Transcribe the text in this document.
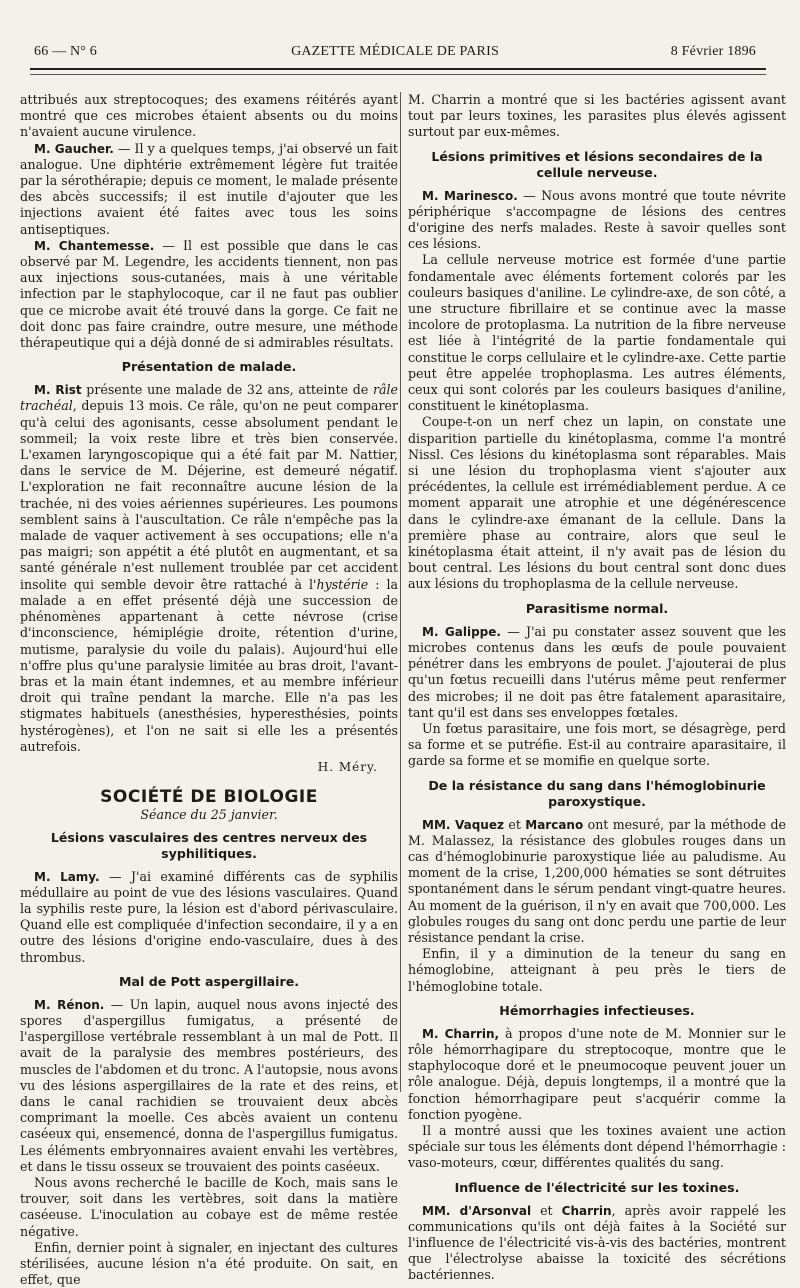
66 — N° 6	GAZETTE MÉDICALE DE PARIS	8 Février 1896

attribués aux streptocoques; des examens réitérés ayant montré que ces microbes étaient absents ou du moins n'avaient aucune virulence.

M. Gaucher. — Il y a quelques temps, j'ai observé un fait analogue. Une diphtérie extrêmement légère fut traitée par la sérothérapie; depuis ce moment, le malade présente des abcès successifs; il est inutile d'ajouter que les injections avaient été faites avec tous les soins antiseptiques.

M. Chantemesse. — Il est possible que dans le cas observé par M. Legendre, les accidents tiennent, non pas aux injections sous-cutanées, mais à une véritable infection par le staphylocoque, car il ne faut pas oublier que ce microbe avait été trouvé dans la gorge. Ce fait ne doit donc pas faire craindre, outre mesure, une méthode thérapeutique qui a déjà donné de si admirables résultats.

Présentation de malade.

M. Rist présente une malade de 32 ans, atteinte de râle trachéal, depuis 13 mois. Ce râle, qu'on ne peut comparer qu'à celui des agonisants, cesse absolument pendant le sommeil; la voix reste libre et très bien conservée. L'examen laryngoscopique qui a été fait par M. Nattier, dans le service de M. Déjerine, est demeuré négatif. L'exploration ne fait reconnaître aucune lésion de la trachée, ni des voies aériennes supérieures. Les poumons semblent sains à l'auscultation. Ce râle n'empêche pas la malade de vaquer activement à ses occupations; elle n'a pas maigri; son appétit a été plutôt en augmentant, et sa santé générale n'est nullement troublée par cet accident insolite qui semble devoir être rattaché à l'hystérie : la malade a en effet présenté déjà une succession de phénomènes appartenant à cette névrose (crise d'inconscience, hémiplégie droite, rétention d'urine, mutisme, paralysie du voile du palais). Aujourd'hui elle n'offre plus qu'une paralysie limitée au bras droit, l'avant-bras et la main étant indemnes, et au membre inférieur droit qui traîne pendant la marche. Elle n'a pas les stigmates habituels (anesthésies, hyperesthésies, points hystérogènes), et l'on ne sait si elle les a présentés autrefois.

H. Méry.
SOCIÉTÉ DE BIOLOGIE
Séance du 25 janvier.
Lésions vasculaires des centres nerveux des syphilitiques.

M. Lamy. — J'ai examiné différents cas de syphilis médullaire au point de vue des lésions vasculaires. Quand la syphilis reste pure, la lésion est d'abord périvasculaire. Quand elle est compliquée d'infection secondaire, il y a en outre des lésions d'origine endo-vasculaire, dues à des thrombus.

Mal de Pott aspergillaire.

M. Rénon. — Un lapin, auquel nous avons injecté des spores d'aspergillus fumigatus, a présenté de l'aspergillose vertébrale ressemblant à un mal de Pott. Il avait de la paralysie des membres postérieurs, des muscles de l'abdomen et du tronc. A l'autopsie, nous avons vu des lésions aspergillaires de la rate et des reins, et dans le canal rachidien se trouvaient deux abcès comprimant la moelle. Ces abcès avaient un contenu caséeux qui, ensemencé, donna de l'aspergillus fumigatus. Les éléments embryonnaires avaient envahi les vertèbres, et dans le tissu osseux se trouvaient des points caséeux.

Nous avons recherché le bacille de Koch, mais sans le trouver, soit dans les vertèbres, soit dans la matière caséeuse. L'inoculation au cobaye est de même restée négative.

Enfin, dernier point à signaler, en injectant des cultures stérilisées, aucune lésion n'a été produite. On sait, en effet, que

M. Charrin a montré que si les bactéries agissent avant tout par leurs toxines, les parasites plus élevés agissent surtout par eux-mêmes.

Lésions primitives et lésions secondaires de la cellule nerveuse.

M. Marinesco. — Nous avons montré que toute névrite périphérique s'accompagne de lésions des centres d'origine des nerfs malades. Reste à savoir quelles sont ces lésions.

La cellule nerveuse motrice est formée d'une partie fondamentale avec éléments fortement colorés par les couleurs basiques d'aniline. Le cylindre-axe, de son côté, a une structure fibrillaire et se continue avec la masse incolore de protoplasma. La nutrition de la fibre nerveuse est liée à l'intégrité de la partie fondamentale qui constitue le corps cellulaire et le cylindre-axe. Cette partie peut être appelée trophoplasma. Les autres éléments, ceux qui sont colorés par les couleurs basiques d'aniline, constituent le kinétoplasma.

Coupe-t-on un nerf chez un lapin, on constate une disparition partielle du kinétoplasma, comme l'a montré Nissl. Ces lésions du kinétoplasma sont réparables. Mais si une lésion du trophoplasma vient s'ajouter aux précédentes, la cellule est irrémédiablement perdue. A ce moment apparait une atrophie et une dégénérescence dans le cylindre-axe émanant de la cellule. Dans la première phase au contraire, alors que seul le kinétoplasma était atteint, il n'y avait pas de lésion du bout central. Les lésions du bout central sont donc dues aux lésions du trophoplasma de la cellule nerveuse.

Parasitisme normal.

M. Galippe. — J'ai pu constater assez souvent que les microbes contenus dans les œufs de poule pouvaient pénétrer dans les embryons de poulet. J'ajouterai de plus qu'un fœtus recueilli dans l'utérus même peut renfermer des microbes; il ne doit pas être fatalement aparasitaire, tant qu'il est dans ses enveloppes fœtales.

Un fœtus parasitaire, une fois mort, se désagrège, perd sa forme et se putréfie. Est-il au contraire aparasitaire, il garde sa forme et se momifie en quelque sorte.

De la résistance du sang dans l'hémoglobinurie paroxystique.

MM. Vaquez et Marcano ont mesuré, par la méthode de M. Malassez, la résistance des globules rouges dans un cas d'hémoglobinurie paroxystique liée au paludisme. Au moment de la crise, 1,200,000 hématies se sont détruites spontanément dans le sérum pendant vingt-quatre heures. Au moment de la guérison, il n'y en avait que 700,000. Les globules rouges du sang ont donc perdu une partie de leur résistance pendant la crise.

Enfin, il y a diminution de la teneur du sang en hémoglobine, atteignant à peu près le tiers de l'hémoglobine totale.

Hémorrhagies infectieuses.

M. Charrin, à propos d'une note de M. Monnier sur le rôle hémorrhagipare du streptocoque, montre que le staphylocoque doré et le pneumocoque peuvent jouer un rôle analogue. Déjà, depuis longtemps, il a montré que la fonction hémorrhagipare peut s'acquérir comme la fonction pyogène.

Il a montré aussi que les toxines avaient une action spéciale sur tous les éléments dont dépend l'hémorrhagie : vaso-moteurs, cœur, différentes qualités du sang.

Influence de l'électricité sur les toxines.

MM. d'Arsonval et Charrin, après avoir rappelé les communications qu'ils ont déjà faites à la Société sur l'influence de l'électricité vis-à-vis des bactéries, montrent que l'électrolyse abaisse la toxicité des sécrétions bactériennes.
